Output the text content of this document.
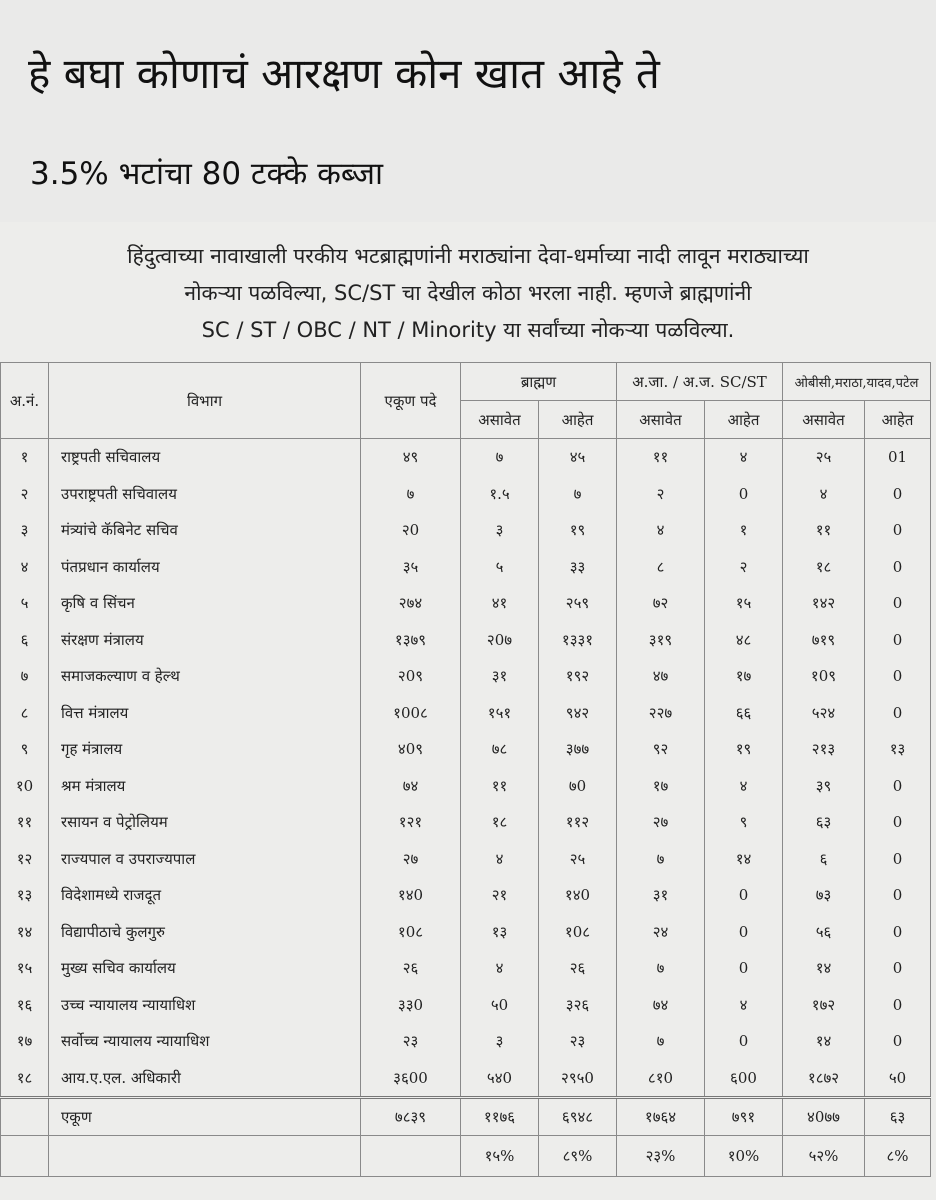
हे बघा कोणाचं आरक्षण कोन खात आहे ते
3.5% भटांचा 80 टक्के कब्जा
हिंदुत्वाच्या नावाखाली परकीय भटब्राह्मणांनी मराठ्यांना देवा-धर्माच्या नादी लावून मराठ्याच्या
नोकऱ्या पळविल्या, SC/ST चा देखील कोठा भरला नाही. म्हणजे ब्राह्मणांनी
SC / ST / OBC / NT / Minority या सर्वांच्या नोकऱ्या पळविल्या.
अ.नं.	विभाग	एकूण पदे	ब्राह्मण		अ.जा. / अ.ज. SC/ST		ओबीसी,मराठा,यादव,पटेल	
			असावेत	आहेत	असावेत	आहेत	असावेत	आहेत
१	राष्ट्रपती सचिवालय	४९	७	४५	११	४	२५	01
२	उपराष्ट्रपती सचिवालय	७	१.५	७	२	0	४	0
३	मंत्र्यांचे कॅबिनेट सचिव	२0	३	१९	४	१	११	0
४	पंतप्रधान कार्यालय	३५	५	३३	८	२	१८	0
५	कृषि व सिंचन	२७४	४१	२५९	७२	१५	१४२	0
६	संरक्षण मंत्रालय	१३७९	२0७	१३३१	३१९	४८	७१९	0
७	समाजकल्याण व हेल्थ	२0९	३१	१९२	४७	१७	१0९	0
८	वित्त मंत्रालय	१00८	१५१	९४२	२२७	६६	५२४	0
९	गृह मंत्रालय	४0९	७८	३७७	९२	१९	२१३	१३
१0	श्रम मंत्रालय	७४	११	७0	१७	४	३९	0
११	रसायन व पेट्रोलियम	१२१	१८	११२	२७	९	६३	0
१२	राज्यपाल व उपराज्यपाल	२७	४	२५	७	१४	६	0
१३	विदेशामध्ये राजदूत	१४0	२१	१४0	३१	0	७३	0
१४	विद्यापीठाचे कुलगुरु	१0८	१३	१0८	२४	0	५६	0
१५	मुख्य सचिव कार्यालय	२६	४	२६	७	0	१४	0
१६	उच्च न्यायालय न्यायाधिश	३३0	५0	३२६	७४	४	१७२	0
१७	सर्वोच्च न्यायालय न्यायाधिश	२३	३	२३	७	0	१४	0
१८	आय.ए.एल. अधिकारी	३६00	५४0	२९५0	८१0	६00	१८७२	५0
	एकूण	७८३९	११७६	६९४८	१७६४	७९१	४0७७	६३
			१५%	८९%	२३%	१0%	५२%	८%
